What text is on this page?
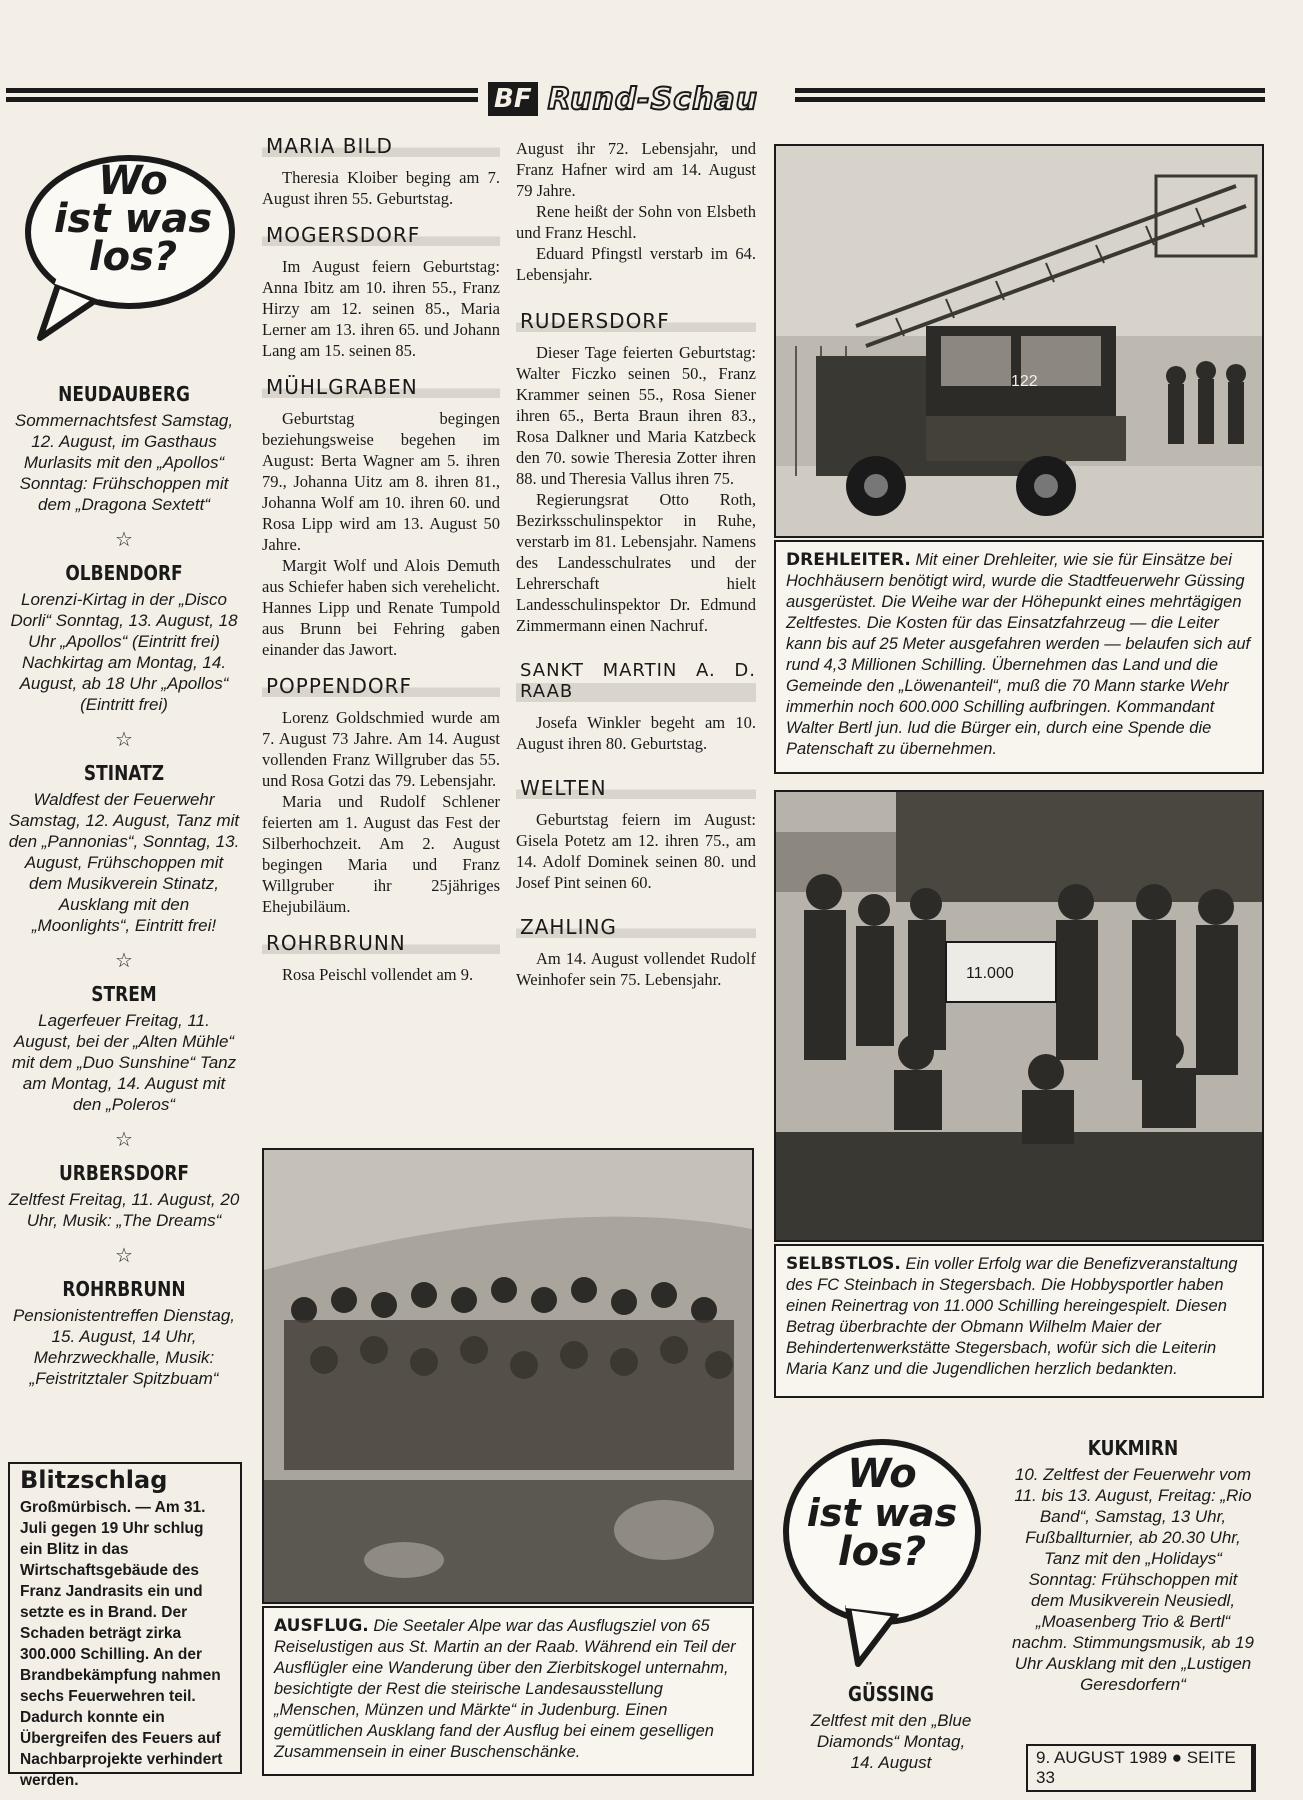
BF Rund-Schau
Wo
ist was
los?
NEUDAUBERG

Sommernachtsfest Samstag, 12. August, im Gasthaus Murlasits mit den „Apollos“ Sonntag: Frühschoppen mit dem „Dragona Sextett“

☆
OLBENDORF

Lorenzi-Kirtag in der „Disco Dorli“ Sonntag, 13. August, 18 Uhr „Apollos“ (Eintritt frei) Nachkirtag am Montag, 14. August, ab 18 Uhr „Apollos“ (Eintritt frei)

☆
STINATZ

Waldfest der Feuerwehr Samstag, 12. August, Tanz mit den „Pannonias“, Sonntag, 13. August, Frühschoppen mit dem Musikverein Stinatz, Ausklang mit den „Moonlights“, Eintritt frei!

☆
STREM

Lagerfeuer Freitag, 11. August, bei der „Alten Mühle“ mit dem „Duo Sunshine“ Tanz am Montag, 14. August mit den „Poleros“

☆
URBERSDORF

Zeltfest Freitag, 11. August, 20 Uhr, Musik: „The Dreams“

☆
ROHRBRUNN

Pensionistentreffen Dienstag, 15. August, 14 Uhr, Mehrzweckhalle, Musik: „Feistritztaler Spitzbuam“

Blitzschlag

Großmürbisch. — Am 31. Juli gegen 19 Uhr schlug ein Blitz in das Wirtschaftsgebäude des Franz Jandrasits ein und setzte es in Brand. Der Schaden beträgt zirka 300.000 Schilling. An der Brandbekämpfung nahmen sechs Feuerwehren teil. Dadurch konnte ein Übergreifen des Feuers auf Nachbarprojekte verhindert werden.

MARIA BILD

Theresia Kloiber beging am 7. August ihren 55. Geburtstag.

MOGERSDORF

Im August feiern Geburtstag: Anna Ibitz am 10. ihren 55., Franz Hirzy am 12. seinen 85., Maria Lerner am 13. ihren 65. und Johann Lang am 15. seinen 85.

MÜHLGRABEN

Geburtstag begingen beziehungsweise begehen im August: Berta Wagner am 5. ihren 79., Johanna Uitz am 8. ihren 81., Johanna Wolf am 10. ihren 60. und Rosa Lipp wird am 13. August 50 Jahre.

Margit Wolf und Alois Demuth aus Schiefer haben sich verehelicht. Hannes Lipp und Renate Tumpold aus Brunn bei Fehring gaben einander das Jawort.

POPPENDORF

Lorenz Goldschmied wurde am 7. August 73 Jahre. Am 14. August vollenden Franz Willgruber das 55. und Rosa Gotzi das 79. Lebensjahr.

Maria und Rudolf Schlener feierten am 1. August das Fest der Silberhochzeit. Am 2. August begingen Maria und Franz Willgruber ihr 25jähriges Ehejubiläum.

ROHRBRUNN

Rosa Peischl vollendet am 9.

August ihr 72. Lebensjahr, und Franz Hafner wird am 14. August 79 Jahre.

Rene heißt der Sohn von Elsbeth und Franz Heschl.

Eduard Pfingstl verstarb im 64. Lebensjahr.

RUDERSDORF

Dieser Tage feierten Geburtstag: Walter Ficzko seinen 50., Franz Krammer seinen 55., Rosa Siener ihren 65., Berta Braun ihren 83., Rosa Dalkner und Maria Katzbeck den 70. sowie Theresia Zotter ihren 88. und Theresia Vallus ihren 75.

Regierungsrat Otto Roth, Bezirksschulinspektor in Ruhe, verstarb im 81. Lebensjahr. Namens des Landesschulrates und der Lehrerschaft hielt Landesschulinspektor Dr. Edmund Zimmermann einen Nachruf.

SANKT MARTIN A. D. RAAB

Josefa Winkler begeht am 10. August ihren 80. Geburtstag.

WELTEN

Geburtstag feiern im August: Gisela Potetz am 12. ihren 75., am 14. Adolf Dominek seinen 80. und Josef Pint seinen 60.

ZAHLING

Am 14. August vollendet Rudolf Weinhofer sein 75. Lebensjahr.

122
DREHLEITER. Mit einer Drehleiter, wie sie für Einsätze bei Hochhäusern benötigt wird, wurde die Stadtfeuerwehr Güssing ausgerüstet. Die Weihe war der Höhepunkt eines mehrtägigen Zeltfestes. Die Kosten für das Einsatzfahrzeug — die Leiter kann bis auf 25 Meter ausgefahren werden — belaufen sich auf rund 4,3 Millionen Schilling. Übernehmen das Land und die Gemeinde den „Löwenanteil“, muß die 70 Mann starke Wehr immerhin noch 600.000 Schilling aufbringen. Kommandant Walter Bertl jun. lud die Bürger ein, durch eine Spende die Patenschaft zu übernehmen.
11.000
SELBSTLOS. Ein voller Erfolg war die Benefizveranstaltung des FC Steinbach in Stegersbach. Die Hobbysportler haben einen Reinertrag von 11.000 Schilling hereingespielt. Diesen Betrag überbrachte der Obmann Wilhelm Maier der Behindertenwerkstätte Stegersbach, wofür sich die Leiterin Maria Kanz und die Jugendlichen herzlich bedankten.
AUSFLUG. Die Seetaler Alpe war das Ausflugsziel von 65 Reiselustigen aus St. Martin an der Raab. Während ein Teil der Ausflügler eine Wanderung über den Zierbitskogel unternahm, besichtigte der Rest die steirische Landesausstellung „Menschen, Münzen und Märkte“ in Judenburg. Einen gemütlichen Ausklang fand der Ausflug bei einem geselligen Zusammensein in einer Buschenschänke.
Wo
ist was
los?
GÜSSING

Zeltfest mit den „Blue Diamonds“ Montag, 14. August

KUKMIRN

10. Zeltfest der Feuerwehr vom 11. bis 13. August, Freitag: „Rio Band“, Samstag, 13 Uhr, Fußballturnier, ab 20.30 Uhr, Tanz mit den „Holidays“ Sonntag: Frühschoppen mit dem Musikverein Neusiedl, „Moasenberg Trio & Bertl“ nachm. Stimmungsmusik, ab 19 Uhr Ausklang mit den „Lustigen Geresdorfern“

9. AUGUST 1989 ● SEITE 33
